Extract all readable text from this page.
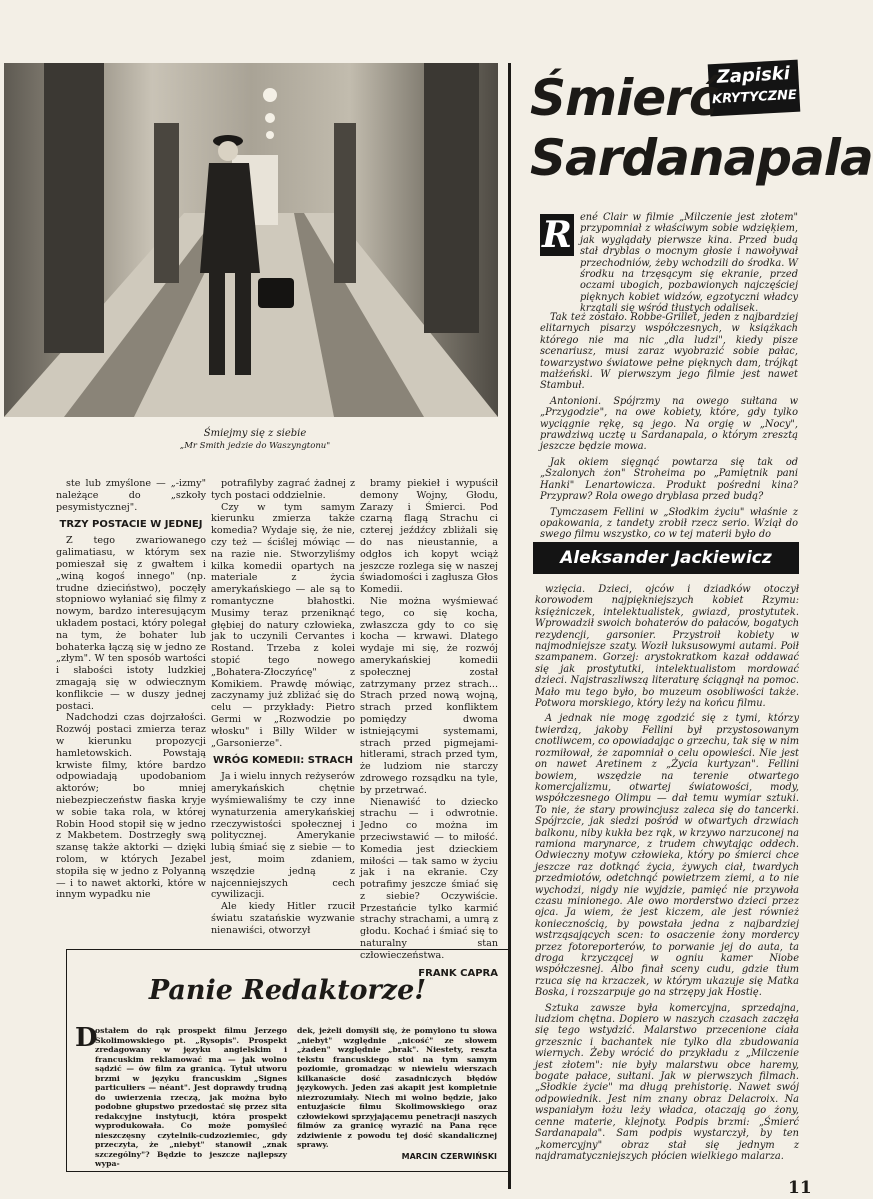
Śmiejmy się z siebie
„Mr Smith jedzie do Waszyngtonu"

ste lub zmyślone — „-izmy" należące do „szkoły pesymistycznej".

TRZY POSTACIE W JEDNEJ

Z tego zwariowanego galimatiasu, w którym sex pomieszał się z gwałtem i „winą kogoś innego" (np. trudne dzieciństwo), poczęły stopniowo wyłaniać się filmy z nowym, bardzo interesującym układem postaci, który polegał na tym, że bohater lub bohaterka łączą się w jedno ze „złym". W ten sposób wartości i słabości istoty ludzkiej zmagają się w odwiecznym konflikcie — w duszy jednej postaci.

Nadchodzi czas dojrzałości. Rozwój postaci zmierza teraz w kierunku propozycji hamletowskich. Powstają krwiste filmy, które bardzo odpowiadają upodobaniom aktorów; bo mniej niebezpieczeństw fiaska kryje w sobie taka rola, w której Robin Hood stopił się w jedno z Makbetem. Dostrzegły swą szansę także aktorki — dzięki rolom, w których Jezabel stopiła się w jedno z Polyanną — i to nawet aktorki, które w innym wypadku nie

potrafilyby zagrać żadnej z tych postaci oddzielnie.

Czy w tym samym kierunku zmierza także komedia? Wydaje się, że nie, czy też — ściślej mówiąc — na razie nie. Stworzyliśmy kilka komedii opartych na materiale z życia amerykańskiego — ale są to romantyczne błahostki. Musimy teraz przeniknąć głębiej do natury człowieka, jak to uczynili Cervantes i Rostand. Trzeba z kolei stopić tego nowego „Bohatera-Złoczyńcę" z Komikiem. Prawdę mówiąc, zaczynamy już zbliżać się do celu — przykłady: Pietro Germi w „Rozwodzie po włosku" i Billy Wilder w „Garsonierze".

WRÓG KOMEDII: STRACH

Ja i wielu innych reżyserów amerykańskich chętnie wyśmiewaliśmy te czy inne wynaturzenia amerykańskiej rzeczywistości społecznej i politycznej. Amerykanie lubią śmiać się z siebie — to jest, moim zdaniem, wszędzie jedną z najcenniejszych cech cywilizacji.

Ale kiedy Hitler rzucił światu szatańskie wyzwanie nienawiści, otworzył

bramy piekieł i wypuścił demony Wojny, Głodu, Zarazy i Śmierci. Pod czarną flagą Strachu ci czterej jeźdźcy zbliżali się do nas nieustannie, a odgłos ich kopyt wciąż jeszcze rozlega się w naszej świadomości i zagłusza Głos Komedii.

Nie można wyśmiewać tego, co się kocha, zwłaszcza gdy to co się kocha — krwawi. Dlatego wydaje mi się, że rozwój amerykańskiej komedii społecznej został zatrzymany przez strach... Strach przed nową wojną, strach przed konfliktem pomiędzy dwoma istniejącymi systemami, strach przed pigmejami-hitlerami, strach przed tym, że ludziom nie starczy zdrowego rozsądku na tyle, by przetrwać.

Nienawiść to dziecko strachu — i odwrotnie. Jedno co można im przeciwstawić — to miłość. Komedia jest dzieckiem miłości — tak samo w życiu jak i na ekranie. Czy potrafimy jeszcze śmiać się z siebie? Oczywiście. Przestańcie tylko karmić strachy strachami, a umrą z głodu. Kochać i śmiać się to naturalny stan człowieczeństwa.

FRANK CAPRA
Panie Redaktorze!
D

ostałem do rąk prospekt filmu Jerzego Skolimowskiego pt. „Rysopis". Prospekt zredagowany w języku angielskim i francuskim reklamować ma — jak wolno sądzić — ów film za granicą. Tytuł utworu brzmi w języku francuskim „Signes particuliers — néant". Jest doprawdy trudną do uwierzenia rzeczą, jak można było podobne głupstwo przedostać się przez sita redakcyjne instytucji, która prospekt wyprodukowała. Co może pomyśleć nieszczęsny czytelnik-cudzoziemiec, gdy przeczyta, że „niebyt" stanowił „znak szczególny"? Będzie to jeszcze najlepszy wypa-

dek, jeżeli domyśli się, że pomylono tu słowa „niebyt" względnie „nicość" ze słowem „żaden" względnie „brak". Niestety, reszta tekstu francuskiego stoi na tym samym poziomie, gromadząc w niewielu wierszach kilkanaście dość zasadniczych błędów językowych. Jeden zaś akapit jest kompletnie niezrozumiały. Niech mi wolno będzie, jako entuzjaście filmu Skolimowskiego oraz człowiekowi sprzyjającemu penetracji naszych filmów za granicę wyrazić na Pana ręce zdziwienie z powodu tej dość skandalicznej sprawy.

MARCIN CZERWIŃSKI
Zapiski
KRYTYCZNE
Śmierć
Sardanapala
R ené Clair w filmie „Milczenie jest złotem" przypomniał z właściwym sobie wdzięķiem, jak wyglądały pierwsze kina. Przed budą stał dryblas o mocnym głosie i nawoływał przechodniów, żeby wchodzili do środka. W środku na trzęsącym się ekranie, przed oczami ubogich, pozbawionych najczęściej pięknych kobiet widzów, egzotyczni władcy krzątali się wśród tłustych odalisek.

Tak też zostało. Robbe-Grillet, jeden z najbardziej elitarnych pisarzy współczesnych, w książkach którego nie ma nic „dla ludzi", kiedy pisze scenariusz, musi zaraz wyobrazić sobie pałac, towarzystwo światowe pełne pięknych dam, trójkąt małżeński. W pierwszym jego filmie jest nawet Stambuł.

Antonioni. Spójrzmy na owego sułtana w „Przygodzie", na owe kobiety, które, gdy tylko wyciągnie rękę, są jego. Na orgię w „Nocy", prawdziwą ucztę u Sardanapala, o którym zresztą jeszcze będzie mowa.

Jak okiem sięgnąć powtarza się tak od „Szalonych żon" Stroheima po „Pamiętnik pani Hanki" Lenartowicza. Produkt pośredni kina? Przypraw? Rola owego dryblasa przed budą?

Tymczasem Fellini w „Słodkim życiu" właśnie z opakowania, z tandety zrobił rzecz serio. Wziął do swego filmu wszystko, co w tej materii było do

Aleksander Jackiewicz

wzięcia. Dzieci, ojców i dziadków otoczył korowodem najpiękniejszych kobiet Rzymu: księżniczek, intelektualistek, gwiazd, prostytutek. Wprowadził swoich bohaterów do pałaców, bogatych rezydencji, garsonier. Przystroił kobiety w najmodniejsze szaty. Woził luksusowymi autami. Poił szampanem. Gorzej: arystokratkom kazał oddawać się jak prostytutki, intelektualistom mordować dzieci. Najstraszliwszą literaturę ściągnął na pomoc. Mało mu tego było, bo muzeum osobliwości także. Potwora morskiego, który leży na końcu filmu.

A jednak nie mogę zgodzić się z tymi, którzy twierdzą, jakoby Fellini był przystosowanym cnotliwcem, co opowiadając o grzechu, tak się w nim rozmiłował, że zapomniał o celu opowieści. Nie jest on nawet Aretinem z „Życia kurtyzan". Fellini bowiem, wszędzie na terenie otwartego komercjalizmu, otwartej światowości, mody, współczesnego Olimpu — dał temu wymiar sztuki. To nie, że stary prowincjusz zaleca się do tancerki. Spójrzcie, jak siedzi pośród w otwartych drzwiach balkonu, niby kukła bez rąk, w krzywo narzuconej na ramiona marynarce, z trudem chwytając oddech. Odwieczny motyw człowieka, który po śmierci chce jeszcze raz dotknąć życia, żywych ciał, twardych przedmiotów, odetchnąć powietrzem ziemi, a to nie wychodzi, nigdy nie wyjdzie, pamięć nie przywoła czasu minionego. Ale owo morderstwo dzieci przez ojca. Ja wiem, że jest kiczem, ale jest również koniecznością, by powstała jedna z najbardziej wstrząsających scen: to osaczenie żony mordercy przez fotoreporterów, to porwanie jej do auta, ta droga krzyczącej w ogniu kamer Niobe współczesnej. Albo finał sceny cudu, gdzie tłum rzuca się na krzaczek, w którym ukazuje się Matka Boska, i rozszarpuje go na strzępy jak Hostię.

Sztuka zawsze była komercyjna, sprzedajna, ludziom chętna. Dopiero w naszych czasach zaczęła się tego wstydzić. Malarstwo przecenione ciała grzesznic i bachantek nie tylko dla zbudowania wiernych. Żeby wrócić do przykładu z „Milczenie jest złotem": nie były malarstwu obce haremy, bogate pałace, sułtani. Jak w pierwszych filmach. „Słodkie życie" ma długą prehistorię. Nawet swój odpowiednik. Jest nim znany obraz Delacroix. Na wspaniałym łożu leży władca, otaczają go żony, cenne materie, klejnoty. Podpis brzmi: „Śmierć Sardanapala". Sam podpis wystarczył, by ten „komercyjny" obraz stał się jednym z najdramatyczniejszych płócien wielkiego malarza.

11
